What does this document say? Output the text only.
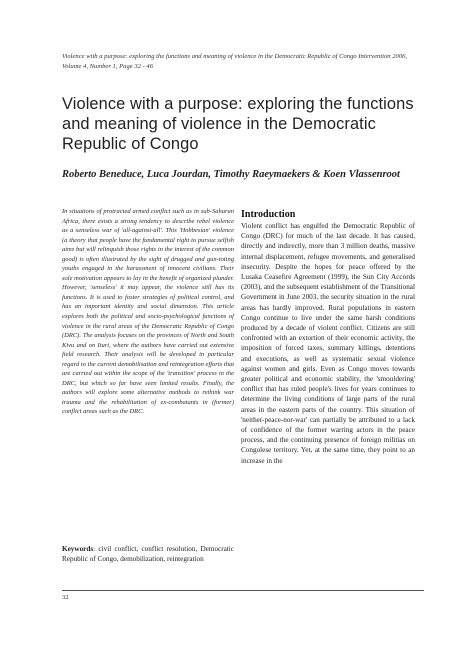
Violence with a purpose: exploring the functions and meaning of violence in the Democratic Republic of Congo Intervention 2006, Volume 4, Number 1, Page 32 - 46
Violence with a purpose: exploring the functions and meaning of violence in the Democratic Republic of Congo
Roberto Beneduce, Luca Jourdan, Timothy Raeymaekers & Koen Vlassenroot
In situations of protracted armed conflict such as in sub-Saharan Africa, there exists a strong tendency to describe rebel violence as a senseless war of 'all-against-all'. This 'Hobbesian' violence (a theory that people have the fundamental right to pursue selfish aims but will relinquish those rights in the interest of the common good) is often illustrated by the sight of drugged and gun-toting youths engaged in the harassment of innocent civilians. Their sole motivation appears to lay in the benefit of organized plunder. However, 'senseless' it may appear, the violence still has its functions. It is used to foster strategies of political control, and has an important identity and social dimension. This article explores both the political and socio-psychological functions of violence in the rural areas of the Democratic Republic of Congo (DRC). The analysis focuses on the provinces of North and South Kivu and on Ituri, where the authors have carried out extensive field research. Their analysis will be developed in particular regard to the current demobilisation and reintegration efforts that are carried out within the scope of the 'transition' process in the DRC, but which so far have seen limited results. Finally, the authors will explore some alternative methods to rethink war trauma and the rehabilitation of ex-combatants in (former) conflict areas such as the DRC.
Keywords: civil conflict, conflict resolution, Democratic Republic of Congo, demobilization, reintegration
Introduction
Violent conflict has engulfed the Democratic Republic of Congo (DRC) for much of the last decade. It has caused, directly and indirectly, more than 3 million deaths, massive internal displacement, refugee movements, and generalised insecurity. Despite the hopes for peace offered by the Lusaka Ceasefire Agreement (1999), the Sun City Accords (2003), and the subsequent establishment of the Transitional Government in June 2003, the security situation in the rural areas has hardly improved. Rural populations in eastern Congo continue to live under the same harsh conditions produced by a decade of violent conflict. Citizens are still confronted with an extortion of their economic activity, the imposition of forced taxes, summary killings, detentions and executions, as well as systematic sexual violence against women and girls. Even as Congo moves towards greater political and economic stability, the 'smouldering' conflict that has ruled people's lives for years continues to determine the living conditions of large parts of the rural areas in the eastern parts of the country. This situation of 'neither-peace-nor-war' can partially be attributed to a lack of confidence of the former warring actors in the peace process, and the continuing presence of foreign militias on Congolese territory. Yet, at the same time, they point to an increase in the
32
